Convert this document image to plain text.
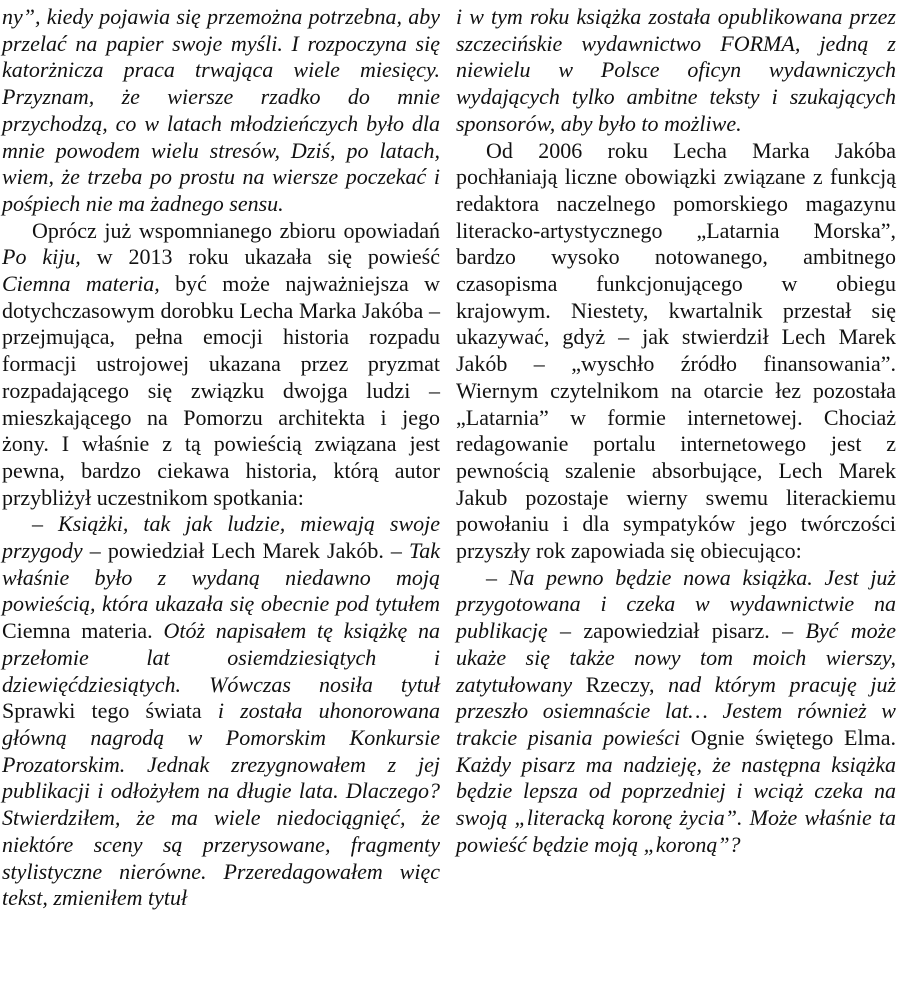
ny”, kiedy pojawia się przemożna potrzebna, aby przelać na papier swoje myśli. I rozpoczyna się katorżnicza praca trwająca wiele miesięcy. Przyznam, że wiersze rzadko do mnie przychodzą, co w latach młodzieńczych było dla mnie powodem wielu stresów, Dziś, po latach, wiem, że trzeba po prostu na wiersze poczekać i pośpiech nie ma żadnego sensu.

Oprócz już wspomnianego zbioru opowiadań Po kiju, w 2013 roku ukazała się powieść Ciemna materia, być może najważniejsza w dotychczasowym dorobku Lecha Marka Jakóba – przejmująca, pełna emocji historia rozpadu formacji ustrojowej ukazana przez pryzmat rozpadającego się związku dwojga ludzi – mieszkającego na Pomorzu architekta i jego żony. I właśnie z tą powieścią związana jest pewna, bardzo ciekawa historia, którą autor przybliżył uczestnikom spotkania:

– Książki, tak jak ludzie, miewają swoje przygody – powiedział Lech Marek Jakób. – Tak właśnie było z wydaną niedawno moją powieścią, która ukazała się obecnie pod tytułem Ciemna materia. Otóż napisałem tę książkę na przełomie lat osiemdziesiątych i dziewięćdziesiątych. Wówczas nosiła tytuł Sprawki tego świata i została uhonorowana główną nagrodą w Pomorskim Konkursie Prozatorskim. Jednak zrezygnowałem z jej publikacji i odłożyłem na długie lata. Dlaczego? Stwierdziłem, że ma wiele niedociągnięć, że niektóre sceny są przerysowane, fragmenty stylistyczne nierówne. Przeredagowałem więc tekst, zmieniłem tytuł

i w tym roku książka została opublikowana przez szczecińskie wydawnictwo FORMA, jedną z niewielu w Polsce oficyn wydawniczych wydających tylko ambitne teksty i szukających sponsorów, aby było to możliwe.

Od 2006 roku Lecha Marka Jakóba pochłaniają liczne obowiązki związane z funkcją redaktora naczelnego pomorskiego magazynu literacko-artystycznego „Latarnia Morska”, bardzo wysoko notowanego, ambitnego czasopisma funkcjonującego w obiegu krajowym. Niestety, kwartalnik przestał się ukazywać, gdyż – jak stwierdził Lech Marek Jakób – „wyschło źródło finansowania”. Wiernym czytelnikom na otarcie łez pozostała „Latarnia” w formie internetowej. Chociaż redagowanie portalu internetowego jest z pewnością szalenie absorbujące, Lech Marek Jakub pozostaje wierny swemu literackiemu powołaniu i dla sympatyków jego twórczości przyszły rok zapowiada się obiecująco:

– Na pewno będzie nowa książka. Jest już przygotowana i czeka w wydawnictwie na publikację – zapowiedział pisarz. – Być może ukaże się także nowy tom moich wierszy, zatytułowany Rzeczy, nad którym pracuję już przeszło osiemnaście lat… Jestem również w trakcie pisania powieści Ognie świętego Elma. Każdy pisarz ma nadzieję, że następna książka będzie lepsza od poprzedniej i wciąż czeka na swoją „literacką koronę życia”. Może właśnie ta powieść będzie moją „koroną”?
